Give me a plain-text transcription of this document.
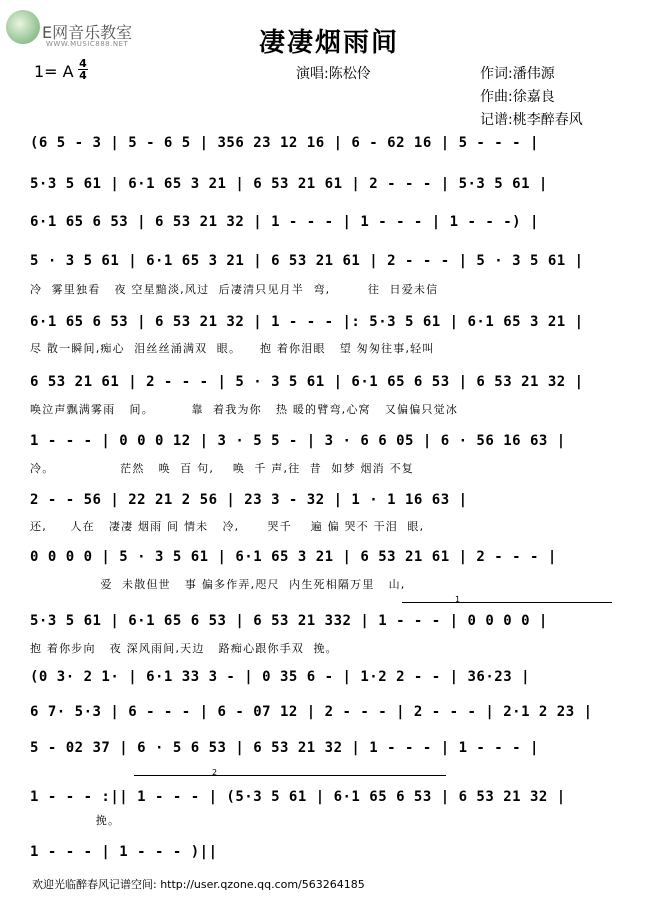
E网音乐教室
WWW.MUSIC888.NET	凄凄烟雨间
1= A 4
4	演唱:陈松伶	作词:潘伟源
作曲:徐嘉良
记谱:桃李醉春风
(6 5 - 3 | 5 - 6 5 | 356 23 12 16 | 6 - 62 16 | 5 - - - |
5·3 5 61 | 6·1 65 3 21 | 6 53 21 61 | 2 - - - | 5·3 5 61 |
6·1 65 6 53 | 6 53 21 32 | 1 - - - | 1 - - - | 1 - - -) |
5 · 3 5 61 | 6·1 65 3 21 | 6 53 21 61 | 2 - - - | 5 · 3 5 61 |
冷  雾里独看   夜 空星黯淡,风过  后凄清只见月半  弯,        往  日爱未信
6·1 65 6 53 | 6 53 21 32 | 1 - - - |: 5·3 5 61 | 6·1 65 3 21 |
尽 散一瞬间,痴心  泪丝丝涌满双  眼。    抱 着你泪眼   望 匆匆往事,轻叫
6 53 21 61 | 2 - - - | 5 · 3 5 61 | 6·1 65 6 53 | 6 53 21 32 |
唤泣声飘满雾雨   间。        靠  着我为你   热 暖的臂弯,心窝   又偏偏只觉冰
1 - - - | 0 0 0 12 | 3 · 5 5 - | 3 · 6 6 05 | 6 · 56 16 63 |
冷。              茫然   唤  百 句,    唤  千 声,往  昔  如梦 烟消 不复
2 - - 56 | 22 21 2 56 | 23 3 - 32 | 1 · 1 16 63 |
还,     人在   凄凄 烟雨 间 情未   冷,      哭千    遍 偏 哭不 干泪  眼,
0 0 0 0 | 5 · 3 5 61 | 6·1 65 3 21 | 6 53 21 61 | 2 - - - |
爱  未散但世   事 偏多作弄,咫尺  内生死相隔万里   山,
1
5·3 5 61 | 6·1 65 6 53 | 6 53 21 332 | 1 - - - | 0 0 0 0 |
抱 着你步向   夜 深风雨间,天边   路痴心跟你手双  挽。
(0 3· 2 1· | 6·1 33 3 - | 0 35 6 - | 1·2 2 - - | 36·23 |
6 7· 5·3 | 6 - - - | 6 - 07 12 | 2 - - - | 2 - - - | 2·1 2 23 |
5 - 02 37 | 6 · 5 6 53 | 6 53 21 32 | 1 - - - | 1 - - - |
2
1 - - - :|| 1 - - - | (5·3 5 61 | 6·1 65 6 53 | 6 53 21 32 |
挽。
1 - - - | 1 - - - )||
欢迎光临醉春风记谱空间: http://user.qzone.qq.com/563264185
